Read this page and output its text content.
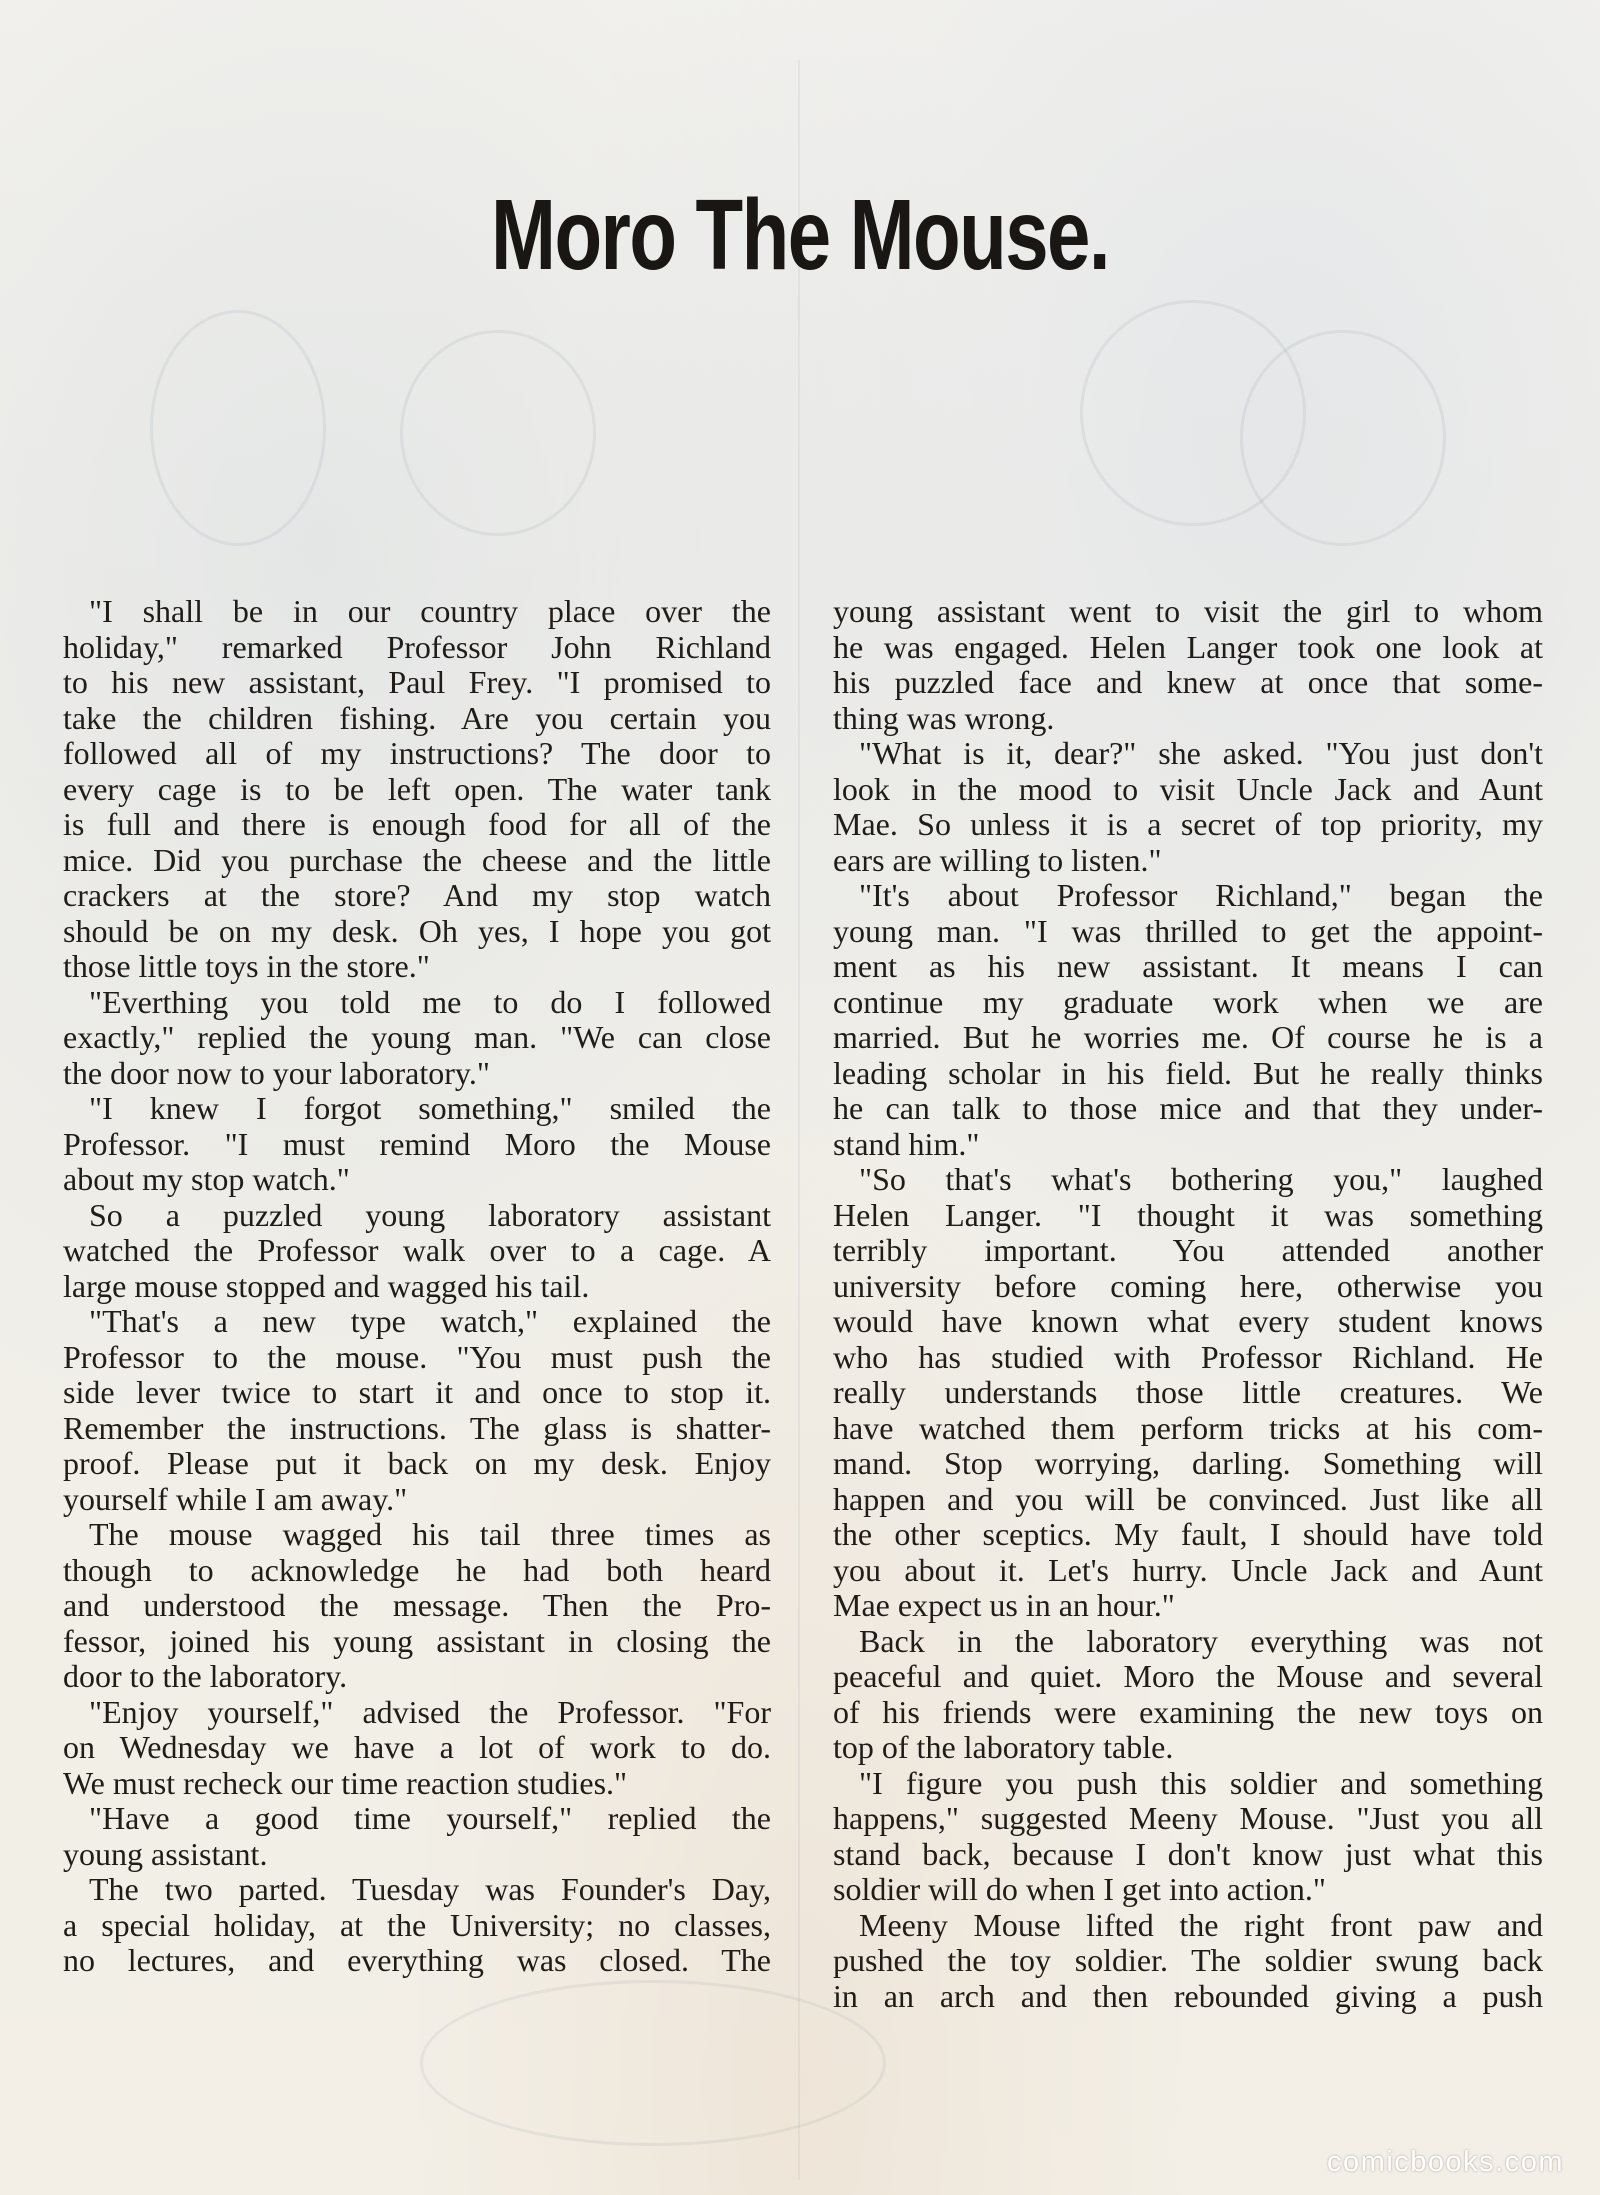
Moro The Mouse.
"I shall be in our country place over the
holiday," remarked Professor John Richland
to his new assistant, Paul Frey. "I promised to
take the children fishing. Are you certain you
followed all of my instructions? The door to
every cage is to be left open. The water tank
is full and there is enough food for all of the
mice. Did you purchase the cheese and the little
crackers at the store? And my stop watch
should be on my desk. Oh yes, I hope you got
those little toys in the store."
"Everthing you told me to do I followed
exactly," replied the young man. "We can close
the door now to your laboratory."
"I knew I forgot something," smiled the
Professor. "I must remind Moro the Mouse
about my stop watch."
So a puzzled young laboratory assistant
watched the Professor walk over to a cage. A
large mouse stopped and wagged his tail.
"That's a new type watch," explained the
Professor to the mouse. "You must push the
side lever twice to start it and once to stop it.
Remember the instructions. The glass is shatter-
proof. Please put it back on my desk. Enjoy
yourself while I am away."
The mouse wagged his tail three times as
though to acknowledge he had both heard
and understood the message. Then the Pro-
fessor, joined his young assistant in closing the
door to the laboratory.
"Enjoy yourself," advised the Professor. "For
on Wednesday we have a lot of work to do.
We must recheck our time reaction studies."
"Have a good time yourself," replied the
young assistant.
The two parted. Tuesday was Founder's Day,
a special holiday, at the University; no classes,
no lectures, and everything was closed. The
young assistant went to visit the girl to whom
he was engaged. Helen Langer took one look at
his puzzled face and knew at once that some-
thing was wrong.
"What is it, dear?" she asked. "You just don't
look in the mood to visit Uncle Jack and Aunt
Mae. So unless it is a secret of top priority, my
ears are willing to listen."
"It's about Professor Richland," began the
young man. "I was thrilled to get the appoint-
ment as his new assistant. It means I can
continue my graduate work when we are
married. But he worries me. Of course he is a
leading scholar in his field. But he really thinks
he can talk to those mice and that they under-
stand him."
"So that's what's bothering you," laughed
Helen Langer. "I thought it was something
terribly important. You attended another
university before coming here, otherwise you
would have known what every student knows
who has studied with Professor Richland. He
really understands those little creatures. We
have watched them perform tricks at his com-
mand. Stop worrying, darling. Something will
happen and you will be convinced. Just like all
the other sceptics. My fault, I should have told
you about it. Let's hurry. Uncle Jack and Aunt
Mae expect us in an hour."
Back in the laboratory everything was not
peaceful and quiet. Moro the Mouse and several
of his friends were examining the new toys on
top of the laboratory table.
"I figure you push this soldier and something
happens," suggested Meeny Mouse. "Just you all
stand back, because I don't know just what this
soldier will do when I get into action."
Meeny Mouse lifted the right front paw and
pushed the toy soldier. The soldier swung back
in an arch and then rebounded giving a push
comicbooks.com
